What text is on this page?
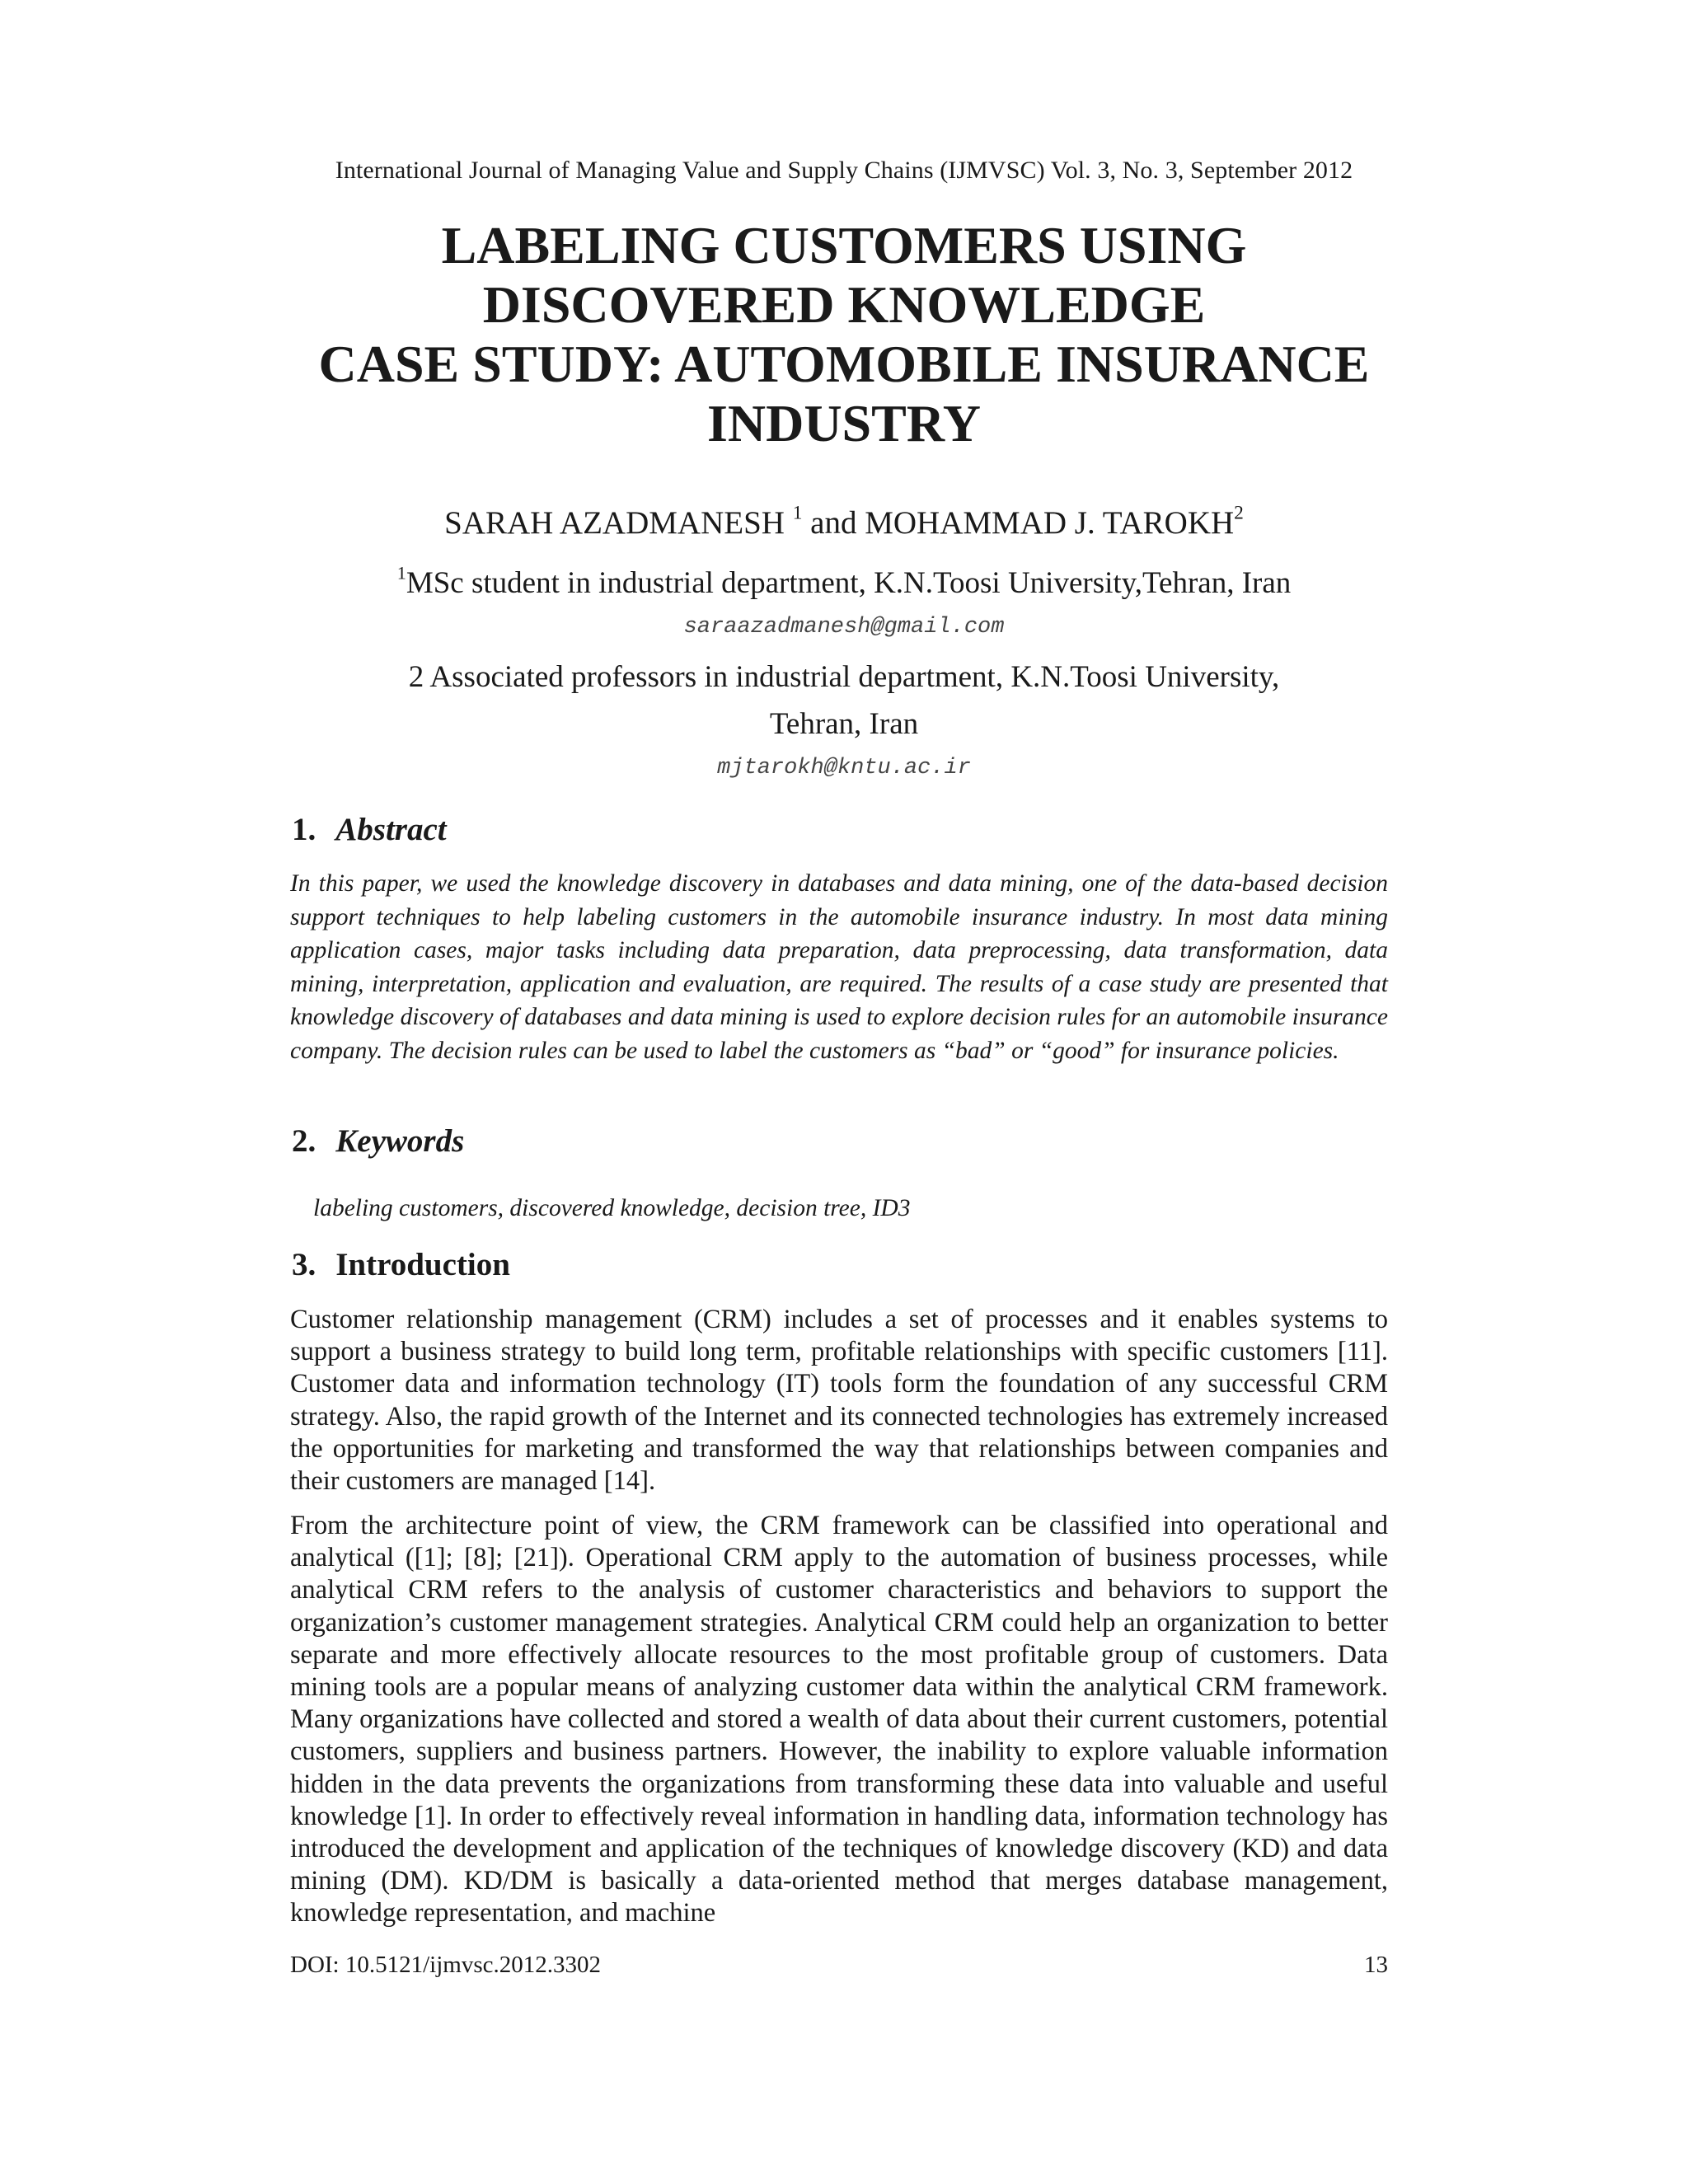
International Journal of Managing Value and Supply Chains (IJMVSC) Vol. 3, No. 3, September 2012
LABELING CUSTOMERS USING
DISCOVERED KNOWLEDGE
CASE STUDY: AUTOMOBILE INSURANCE
INDUSTRY
SARAH AZADMANESH $^1$ and MOHAMMAD J. TAROKH$^2$
$^1$MSc student in industrial department, K.N.Toosi University,Tehran, Iran
saraazadmanesh@gmail.com
2 Associated professors in industrial department, K.N.Toosi University,
Tehran, Iran
mjtarokh@kntu.ac.ir
1. Abstract

In this paper, we used the knowledge discovery in databases and data mining, one of the data-based decision support techniques to help labeling customers in the automobile insurance industry. In most data mining application cases, major tasks including data preparation, data preprocessing, data transformation, data mining, interpretation, application and evaluation, are required. The results of a case study are presented that knowledge discovery of databases and data mining is used to explore decision rules for an automobile insurance company. The decision rules can be used to label the customers as “bad” or “good” for insurance policies.

2. Keywords
labeling customers, discovered knowledge, decision tree, ID3
3. Introduction

Customer relationship management (CRM) includes a set of processes and it enables systems to support a business strategy to build long term, profitable relationships with specific customers [11]. Customer data and information technology (IT) tools form the foundation of any successful CRM strategy. Also, the rapid growth of the Internet and its connected technologies has extremely increased the opportunities for marketing and transformed the way that relationships between companies and their customers are managed [14].

From the architecture point of view, the CRM framework can be classified into operational and analytical ([1]; [8]; [21]). Operational CRM apply to the automation of business processes, while analytical CRM refers to the analysis of customer characteristics and behaviors to support the organization’s customer management strategies. Analytical CRM could help an organization to better separate and more effectively allocate resources to the most profitable group of customers. Data mining tools are a popular means of analyzing customer data within the analytical CRM framework. Many organizations have collected and stored a wealth of data about their current customers, potential customers, suppliers and business partners. However, the inability to explore valuable information hidden in the data prevents the organizations from transforming these data into valuable and useful knowledge [1]. In order to effectively reveal information in handling data, information technology has introduced the development and application of the techniques of knowledge discovery (KD) and data mining (DM). KD/DM is basically a data-oriented method that merges database management, knowledge representation, and machine

DOI: 10.5121/ijmvsc.2012.3302	13
